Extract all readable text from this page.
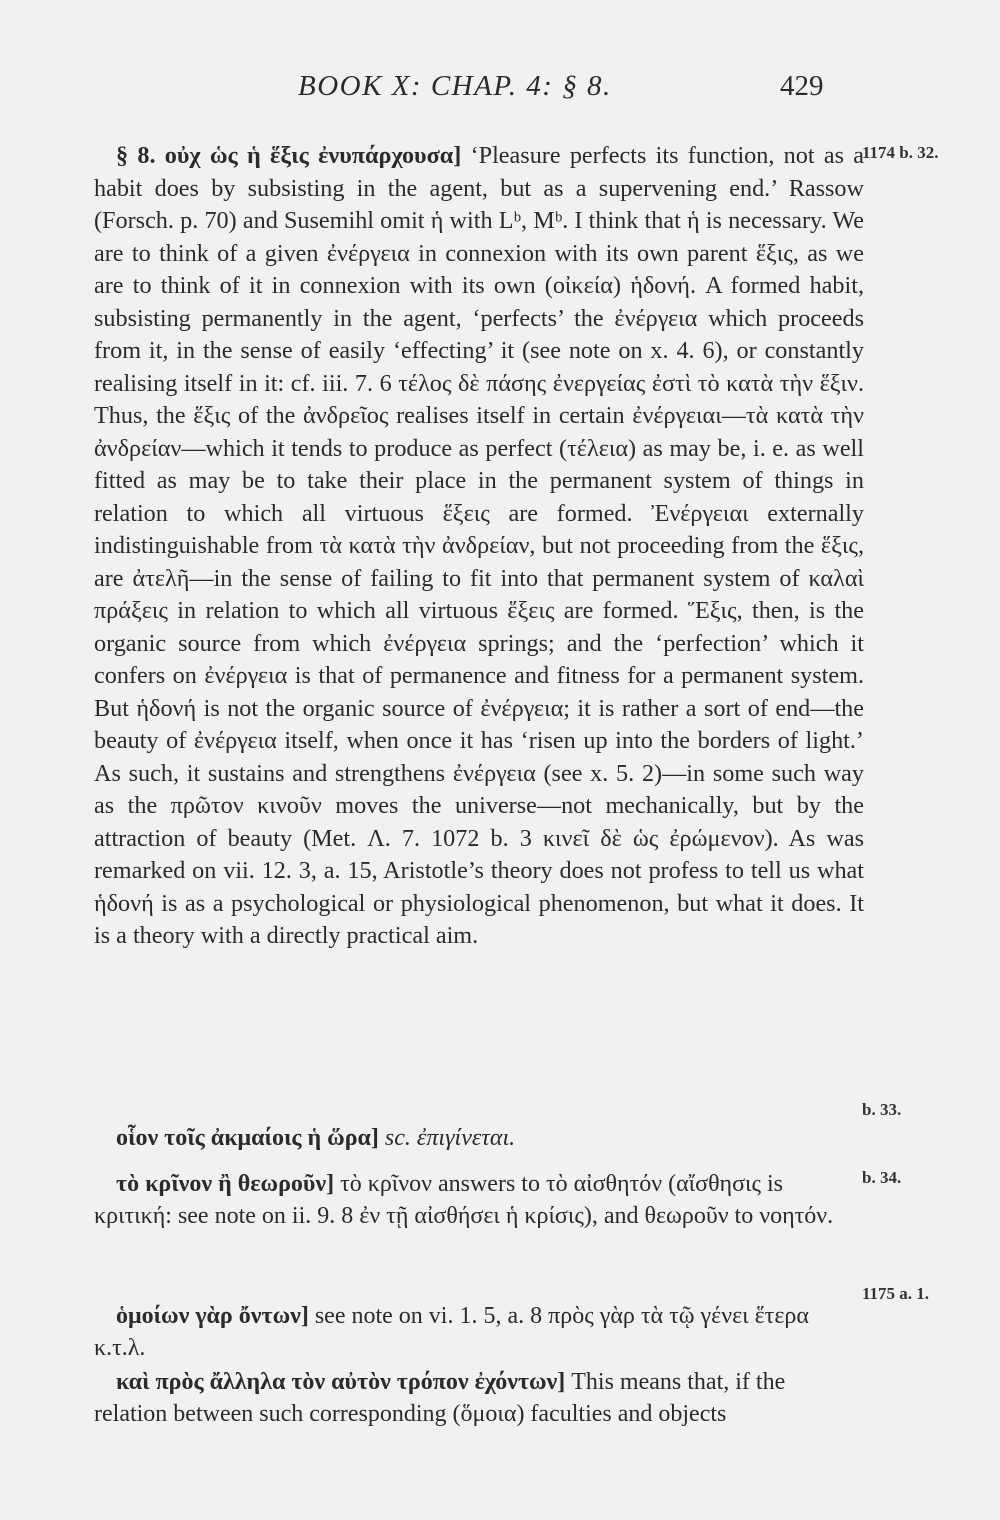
BOOK X: CHAP. 4: § 8.	429
1174 b. 32.

§ 8. οὐχ ὡς ἡ ἕξις ἐνυπάρχουσα] ‘Pleasure perfects its function, not as a habit does by subsisting in the agent, but as a supervening end.’ Rassow (Forsch. p. 70) and Susemihl omit ἡ with Lᵇ, Mᵇ. I think that ἡ is necessary. We are to think of a given ἐνέργεια in connexion with its own parent ἕξις, as we are to think of it in connexion with its own (οἰκεία) ἡδονή. A formed habit, subsisting permanently in the agent, ‘perfects’ the ἐνέργεια which proceeds from it, in the sense of easily ‘effecting’ it (see note on x. 4. 6), or constantly realising itself in it: cf. iii. 7. 6 τέλος δὲ πάσης ἐνεργείας ἐστὶ τὸ κατὰ τὴν ἕξιν. Thus, the ἕξις of the ἀνδρεῖος realises itself in certain ἐνέργειαι—τὰ κατὰ τὴν ἀνδρείαν—which it tends to produce as perfect (τέλεια) as may be, i. e. as well fitted as may be to take their place in the permanent system of things in relation to which all virtuous ἕξεις are formed. Ἐνέργειαι externally indistinguishable from τὰ κατὰ τὴν ἀνδρείαν, but not proceeding from the ἕξις, are ἀτελῆ—in the sense of failing to fit into that permanent system of καλαὶ πράξεις in relation to which all virtuous ἕξεις are formed. Ἕξις, then, is the organic source from which ἐνέργεια springs; and the ‘perfection’ which it confers on ἐνέργεια is that of permanence and fitness for a permanent system. But ἡδονή is not the organic source of ἐνέργεια; it is rather a sort of end—the beauty of ἐνέργεια itself, when once it has ‘risen up into the borders of light.’ As such, it sustains and strengthens ἐνέργεια (see x. 5. 2)—in some such way as the πρῶτον κινοῦν moves the universe—not mechanically, but by the attraction of beauty (Met. Λ. 7. 1072 b. 3 κινεῖ δὲ ὡς ἐρώμενον). As was remarked on vii. 12. 3, a. 15, Aristotle’s theory does not profess to tell us what ἡδονή is as a psychological or physiological phenomenon, but what it does. It is a theory with a directly practical aim.

b. 33.

οἷον τοῖς ἀκμαίοις ἡ ὥρα] sc. ἐπιγίνεται.

b. 34.

τὸ κρῖνον ἢ θεωροῦν] τὸ κρῖνον answers to τὸ αἰσθητόν (αἴσθησις is κριτική: see note on ii. 9. 8 ἐν τῇ αἰσθήσει ἡ κρίσις), and θεωροῦν to νοητόν.

1175 a. 1.

ὁμοίων γὰρ ὄντων] see note on vi. 1. 5, a. 8 πρὸς γὰρ τὰ τῷ γένει ἕτερα κ.τ.λ.

καὶ πρὸς ἄλληλα τὸν αὐτὸν τρόπον ἐχόντων] This means that, if the relation between such corresponding (ὅμοια) faculties and objects
